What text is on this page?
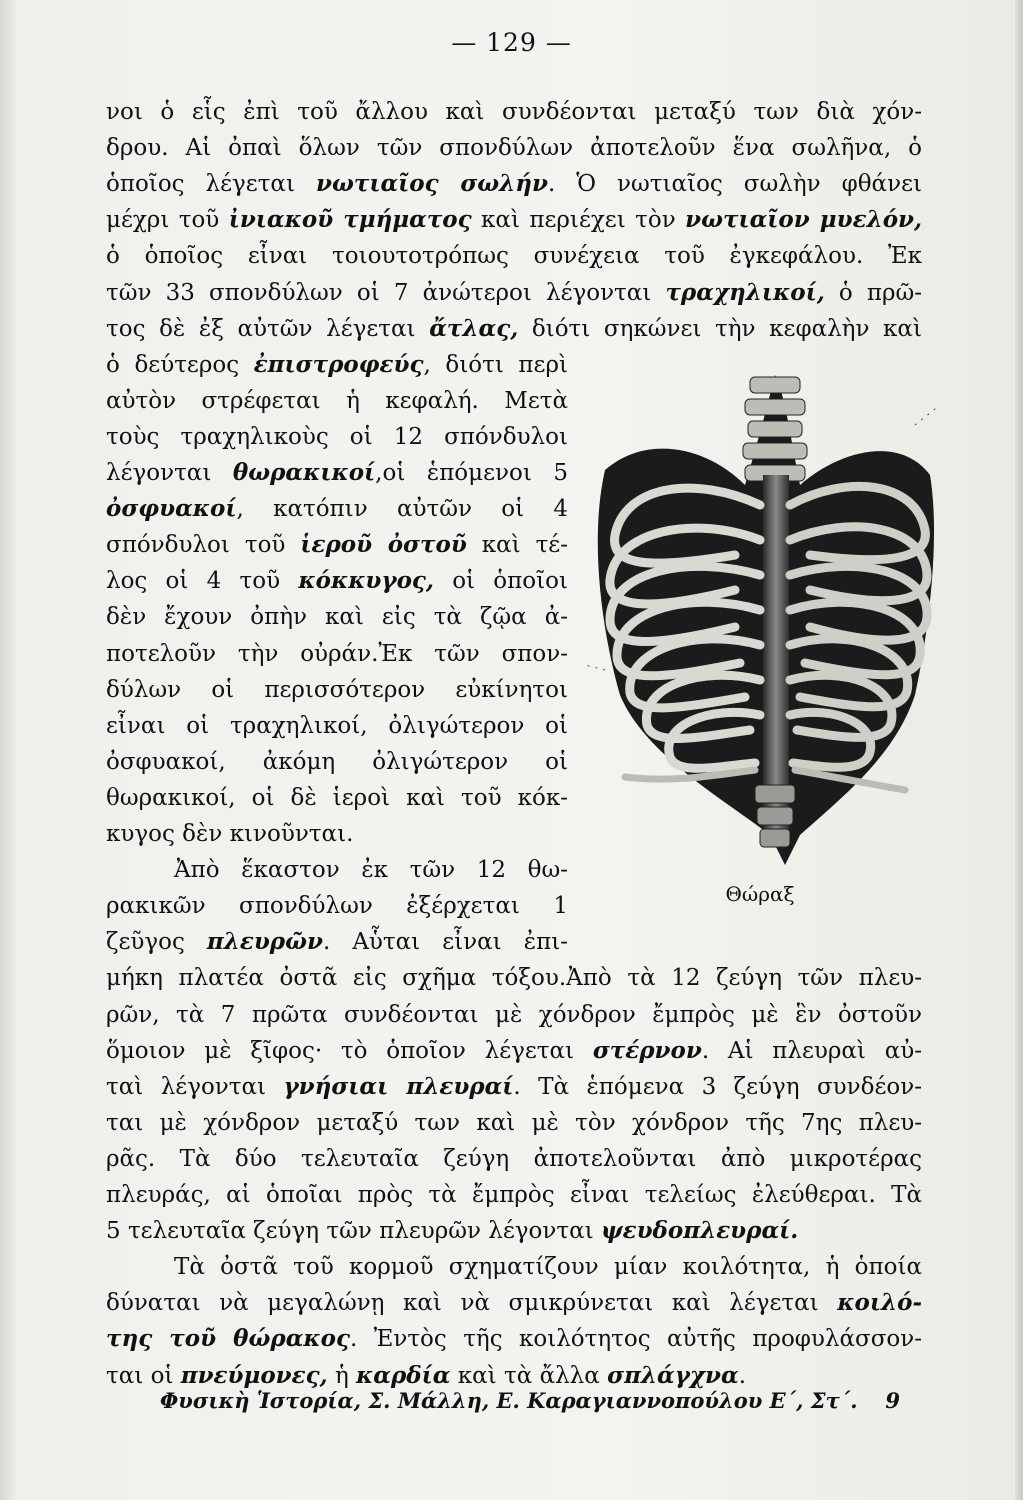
— 129 —
νοι ὁ εἷς ἐπὶ τοῦ ἄλλου καὶ συνδέονται μεταξύ των διὰ χόν-
δρου. Αἱ ὀπαὶ ὅλων τῶν σπονδύλων ἀποτελοῦν ἕνα σωλῆνα, ὁ
ὁποῖος λέγεται νωτιαῖος σωλήν. Ὁ νωτιαῖος σωλὴν φθάνει
μέχρι τοῦ ἰνιακοῦ τμήματος καὶ περιέχει τὸν νωτιαῖον μυελόν,
ὁ ὁποῖος εἶναι τοιουτοτρόπως συνέχεια τοῦ ἐγκεφάλου. Ἐκ
τῶν 33 σπονδύλων οἱ 7 ἀνώτεροι λέγονται τραχηλικοί, ὁ πρῶ-
τος δὲ ἐξ αὐτῶν λέγεται ἄτλας, διότι σηκώνει τὴν κεφαλὴν καὶ
ὁ δεύτερος ἐπιστροφεύς, διότι περὶ
αὐτὸν στρέφεται ἡ κεφαλή. Μετὰ
τοὺς τραχηλικοὺς οἱ 12 σπόνδυλοι
λέγονται θωρακικοί,οἱ ἑπόμενοι 5
ὀσφυακοί, κατόπιν αὐτῶν οἱ 4
σπόνδυλοι τοῦ ἱεροῦ ὀστοῦ καὶ τέ-
λος οἱ 4 τοῦ κόκκυγος, οἱ ὁποῖοι
δὲν ἔχουν ὀπὴν καὶ εἰς τὰ ζῷα ἀ-
ποτελοῦν τὴν οὐράν.Ἐκ τῶν σπον-
δύλων οἱ περισσότερον εὐκίνητοι
εἶναι οἱ τραχηλικοί, ὀλιγώτερον οἱ
ὀσφυακοί, ἀκόμη ὀλιγώτερον οἱ
θωρακικοί, οἱ δὲ ἱεροὶ καὶ τοῦ κόκ-
κυγος δὲν κινοῦνται.
Ἀπὸ ἕκαστον ἐκ τῶν 12 θω-
ρακικῶν σπονδύλων ἐξέρχεται 1
ζεῦγος πλευρῶν. Αὗται εἶναι ἐπι-
μήκη πλατέα ὀστᾶ εἰς σχῆμα τόξου.Ἀπὸ τὰ 12 ζεύγη τῶν πλευ-
ρῶν, τὰ 7 πρῶτα συνδέονται μὲ χόνδρον ἔμπρὸς μὲ ἓν ὀστοῦν
ὅμοιον μὲ ξῖφος· τὸ ὁποῖον λέγεται στέρνον. Αἱ πλευραὶ αὐ-
ταὶ λέγονται γνήσιαι πλευραί. Τὰ ἑπόμενα 3 ζεύγη συνδέον-
ται μὲ χόνδρον μεταξύ των καὶ μὲ τὸν χόνδρον τῆς 7ης πλευ-
ρᾶς. Τὰ δύο τελευταῖα ζεύγη ἀποτελοῦνται ἀπὸ μικροτέρας
πλευράς, αἱ ὁποῖαι πρὸς τὰ ἔμπρὸς εἶναι τελείως ἐλεύθεραι. Τὰ
5 τελευταῖα ζεύγη τῶν πλευρῶν λέγονται ψευδοπλευραί.
Τὰ ὀστᾶ τοῦ κορμοῦ σχηματίζουν μίαν κοιλότητα, ἡ ὁποία
δύναται νὰ μεγαλώνῃ καὶ νὰ σμικρύνεται καὶ λέγεται κοιλό-
της τοῦ θώρακος. Ἐντὸς τῆς κοιλότητος αὐτῆς προφυλάσσον-
ται οἱ πνεύμονες, ἡ καρδία καὶ τὰ ἄλλα σπλάγχνα.
Θώραξ
Φυσικὴ Ἱστορία, Σ. Μάλλη, Ε. Καραγιαννοπούλου Ε΄, Στ΄. 9
